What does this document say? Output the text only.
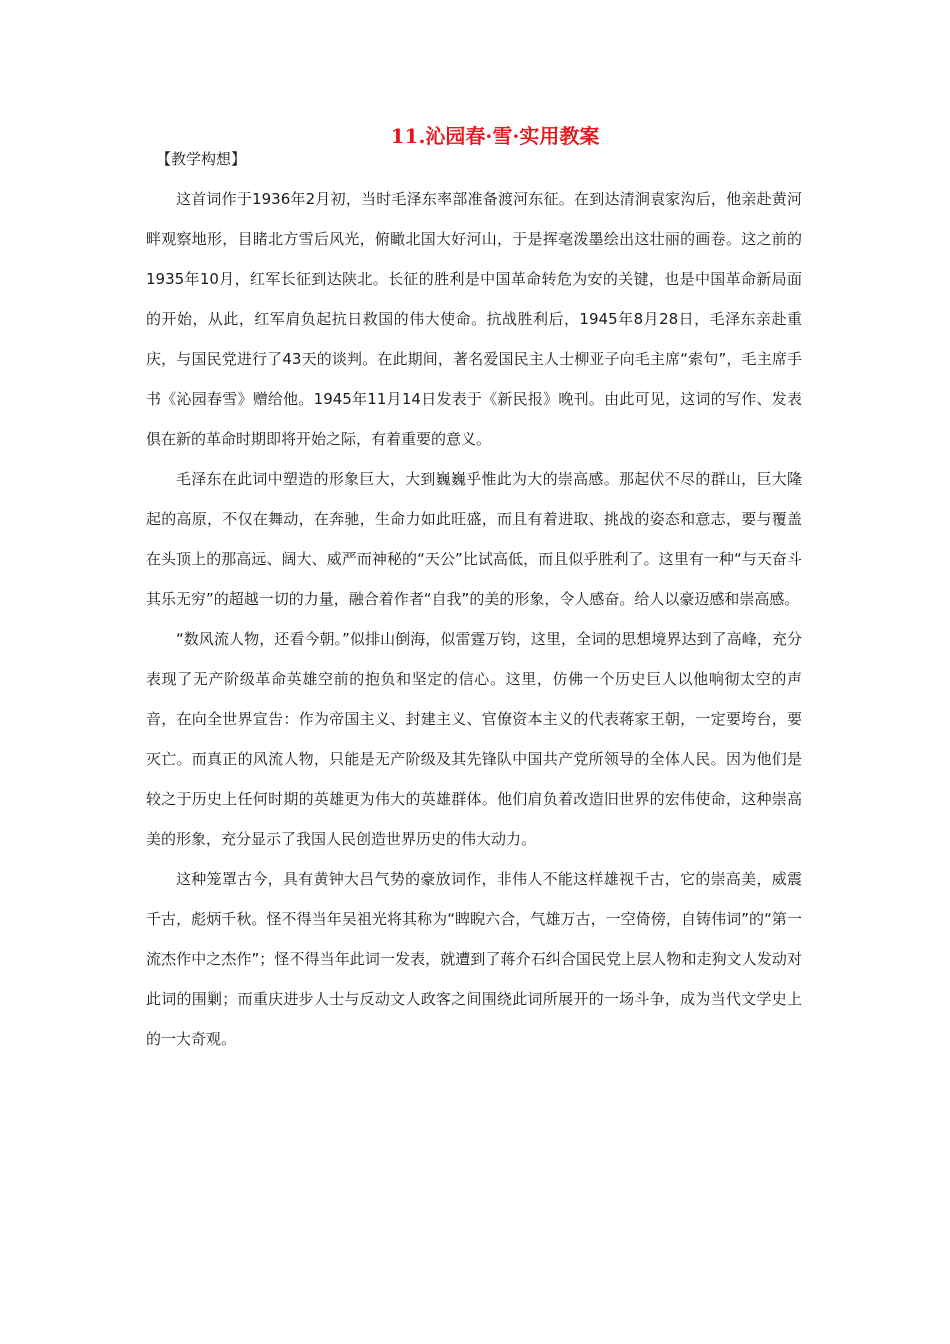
11.沁园春·雪·实用教案

【教学构想】

这首词作于1936年2月初，当时毛泽东率部准备渡河东征。在到达清涧袁家沟后，他亲赴黄河畔观察地形，目睹北方雪后风光，俯瞰北国大好河山，于是挥毫泼墨绘出这壮丽的画卷。这之前的1935年10月，红军长征到达陕北。长征的胜利是中国革命转危为安的关键，也是中国革命新局面的开始，从此，红军肩负起抗日救国的伟大使命。抗战胜利后，1945年8月28日，毛泽东亲赴重庆，与国民党进行了43天的谈判。在此期间，著名爱国民主人士柳亚子向毛主席“索句”，毛主席手书《沁园春雪》赠给他。1945年11月14日发表于《新民报》晚刊。由此可见，这词的写作、发表俱在新的革命时期即将开始之际，有着重要的意义。

毛泽东在此词中塑造的形象巨大，大到巍巍乎惟此为大的崇高感。那起伏不尽的群山，巨大隆起的高原，不仅在舞动，在奔驰，生命力如此旺盛，而且有着进取、挑战的姿态和意志，要与覆盖在头顶上的那高远、阔大、威严而神秘的“天公”比试高低，而且似乎胜利了。这里有一种“与天奋斗其乐无穷”的超越一切的力量，融合着作者“自我”的美的形象，令人感奋。给人以豪迈感和崇高感。

“数风流人物，还看今朝。”似排山倒海，似雷霆万钧，这里，全词的思想境界达到了高峰，充分表现了无产阶级革命英雄空前的抱负和坚定的信心。这里，仿佛一个历史巨人以他响彻太空的声音，在向全世界宣告：作为帝国主义、封建主义、官僚资本主义的代表蒋家王朝，一定要垮台，要灭亡。而真正的风流人物，只能是无产阶级及其先锋队中国共产党所领导的全体人民。因为他们是较之于历史上任何时期的英雄更为伟大的英雄群体。他们肩负着改造旧世界的宏伟使命，这种崇高美的形象，充分显示了我国人民创造世界历史的伟大动力。

这种笼罩古今，具有黄钟大吕气势的豪放词作，非伟人不能这样雄视千古，它的崇高美，威震千古，彪炳千秋。怪不得当年吴祖光将其称为“睥睨六合，气雄万古，一空倚傍，自铸伟词”的“第一流杰作中之杰作”；怪不得当年此词一发表，就遭到了蒋介石纠合国民党上层人物和走狗文人发动对此词的围剿；而重庆进步人士与反动文人政客之间围绕此词所展开的一场斗争，成为当代文学史上的一大奇观。
